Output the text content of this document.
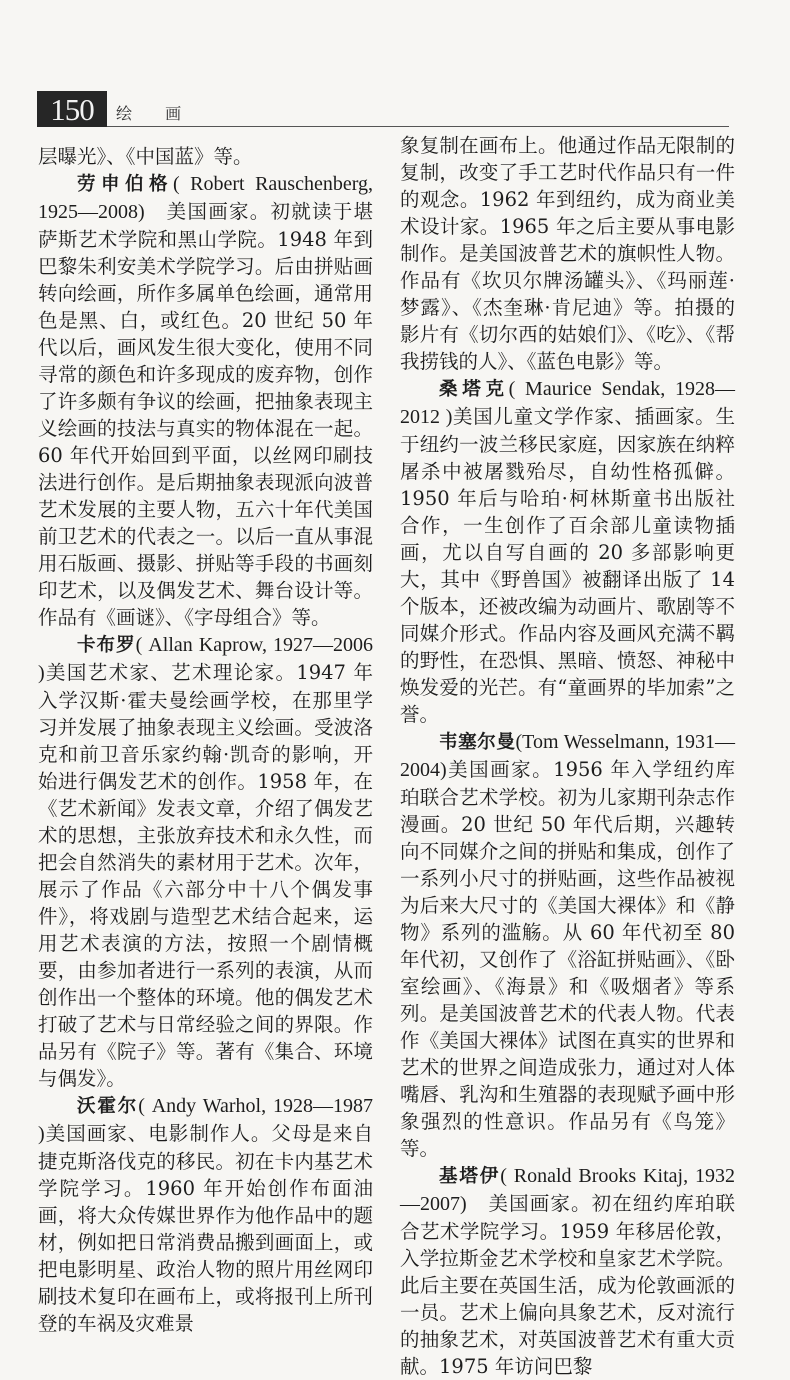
150	绘 画

层曝光》、《中国蓝》等。

劳申伯格( Robert Rauschenberg, 1925—2008)　美国画家。初就读于堪萨斯艺术学院和黑山学院。1948 年到巴黎朱利安美术学院学习。后由拼贴画转向绘画，所作多属单色绘画，通常用色是黑、白，或红色。20 世纪 50 年代以后，画风发生很大变化，使用不同寻常的颜色和许多现成的废弃物，创作了许多颇有争议的绘画，把抽象表现主义绘画的技法与真实的物体混在一起。60 年代开始回到平面，以丝网印刷技法进行创作。是后期抽象表现派向波普艺术发展的主要人物，五六十年代美国前卫艺术的代表之一。以后一直从事混用石版画、摄影、拼贴等手段的书画刻印艺术，以及偶发艺术、舞台设计等。作品有《画谜》、《字母组合》等。

卡布罗( Allan Kaprow, 1927—2006 )美国艺术家、艺术理论家。1947 年入学汉斯·霍夫曼绘画学校，在那里学习并发展了抽象表现主义绘画。受波洛克和前卫音乐家约翰·凯奇的影响，开始进行偶发艺术的创作。1958 年，在《艺术新闻》发表文章，介绍了偶发艺术的思想，主张放弃技术和永久性，而把会自然消失的素材用于艺术。次年，展示了作品《六部分中十八个偶发事件》，将戏剧与造型艺术结合起来，运用艺术表演的方法，按照一个剧情概要，由参加者进行一系列的表演，从而创作出一个整体的环境。他的偶发艺术打破了艺术与日常经验之间的界限。作品另有《院子》等。著有《集合、环境与偶发》。

沃霍尔( Andy Warhol, 1928—1987 )美国画家、电影制作人。父母是来自捷克斯洛伐克的移民。初在卡内基艺术学院学习。1960 年开始创作布面油画，将大众传媒世界作为他作品中的题材，例如把日常消费品搬到画面上，或把电影明星、政治人物的照片用丝网印刷技术复印在画布上，或将报刊上所刊登的车祸及灾难景

象复制在画布上。他通过作品无限制的复制，改变了手工艺时代作品只有一件的观念。1962 年到纽约，成为商业美术设计家。1965 年之后主要从事电影制作。是美国波普艺术的旗帜性人物。作品有《坎贝尔牌汤罐头》、《玛丽莲·梦露》、《杰奎琳·肯尼迪》等。拍摄的影片有《切尔西的姑娘们》、《吃》、《帮我捞钱的人》、《蓝色电影》等。

桑塔克( Maurice Sendak, 1928—2012 )美国儿童文学作家、插画家。生于纽约一波兰移民家庭，因家族在纳粹屠杀中被屠戮殆尽，自幼性格孤僻。1950 年后与哈珀·柯林斯童书出版社合作，一生创作了百余部儿童读物插画，尤以自写自画的 20 多部影响更大，其中《野兽国》被翻译出版了 14 个版本，还被改编为动画片、歌剧等不同媒介形式。作品内容及画风充满不羁的野性，在恐惧、黑暗、愤怒、神秘中焕发爱的光芒。有“童画界的毕加索”之誉。

韦塞尔曼(Tom Wesselmann, 1931—2004)美国画家。1956 年入学纽约库珀联合艺术学校。初为儿家期刊杂志作漫画。20 世纪 50 年代后期，兴趣转向不同媒介之间的拼贴和集成，创作了一系列小尺寸的拼贴画，这些作品被视为后来大尺寸的《美国大裸体》和《静物》系列的滥觞。从 60 年代初至 80 年代初，又创作了《浴缸拼贴画》、《卧室绘画》、《海景》和《吸烟者》等系列。是美国波普艺术的代表人物。代表作《美国大裸体》试图在真实的世界和艺术的世界之间造成张力，通过对人体嘴唇、乳沟和生殖器的表现赋予画中形象强烈的性意识。作品另有《鸟笼》等。

基塔伊( Ronald Brooks Kitaj, 1932—2007)　美国画家。初在纽约库珀联合艺术学院学习。1959 年移居伦敦，入学拉斯金艺术学校和皇家艺术学院。此后主要在英国生活，成为伦敦画派的一员。艺术上偏向具象艺术，反对流行的抽象艺术，对英国波普艺术有重大贡献。1975 年访问巴黎
